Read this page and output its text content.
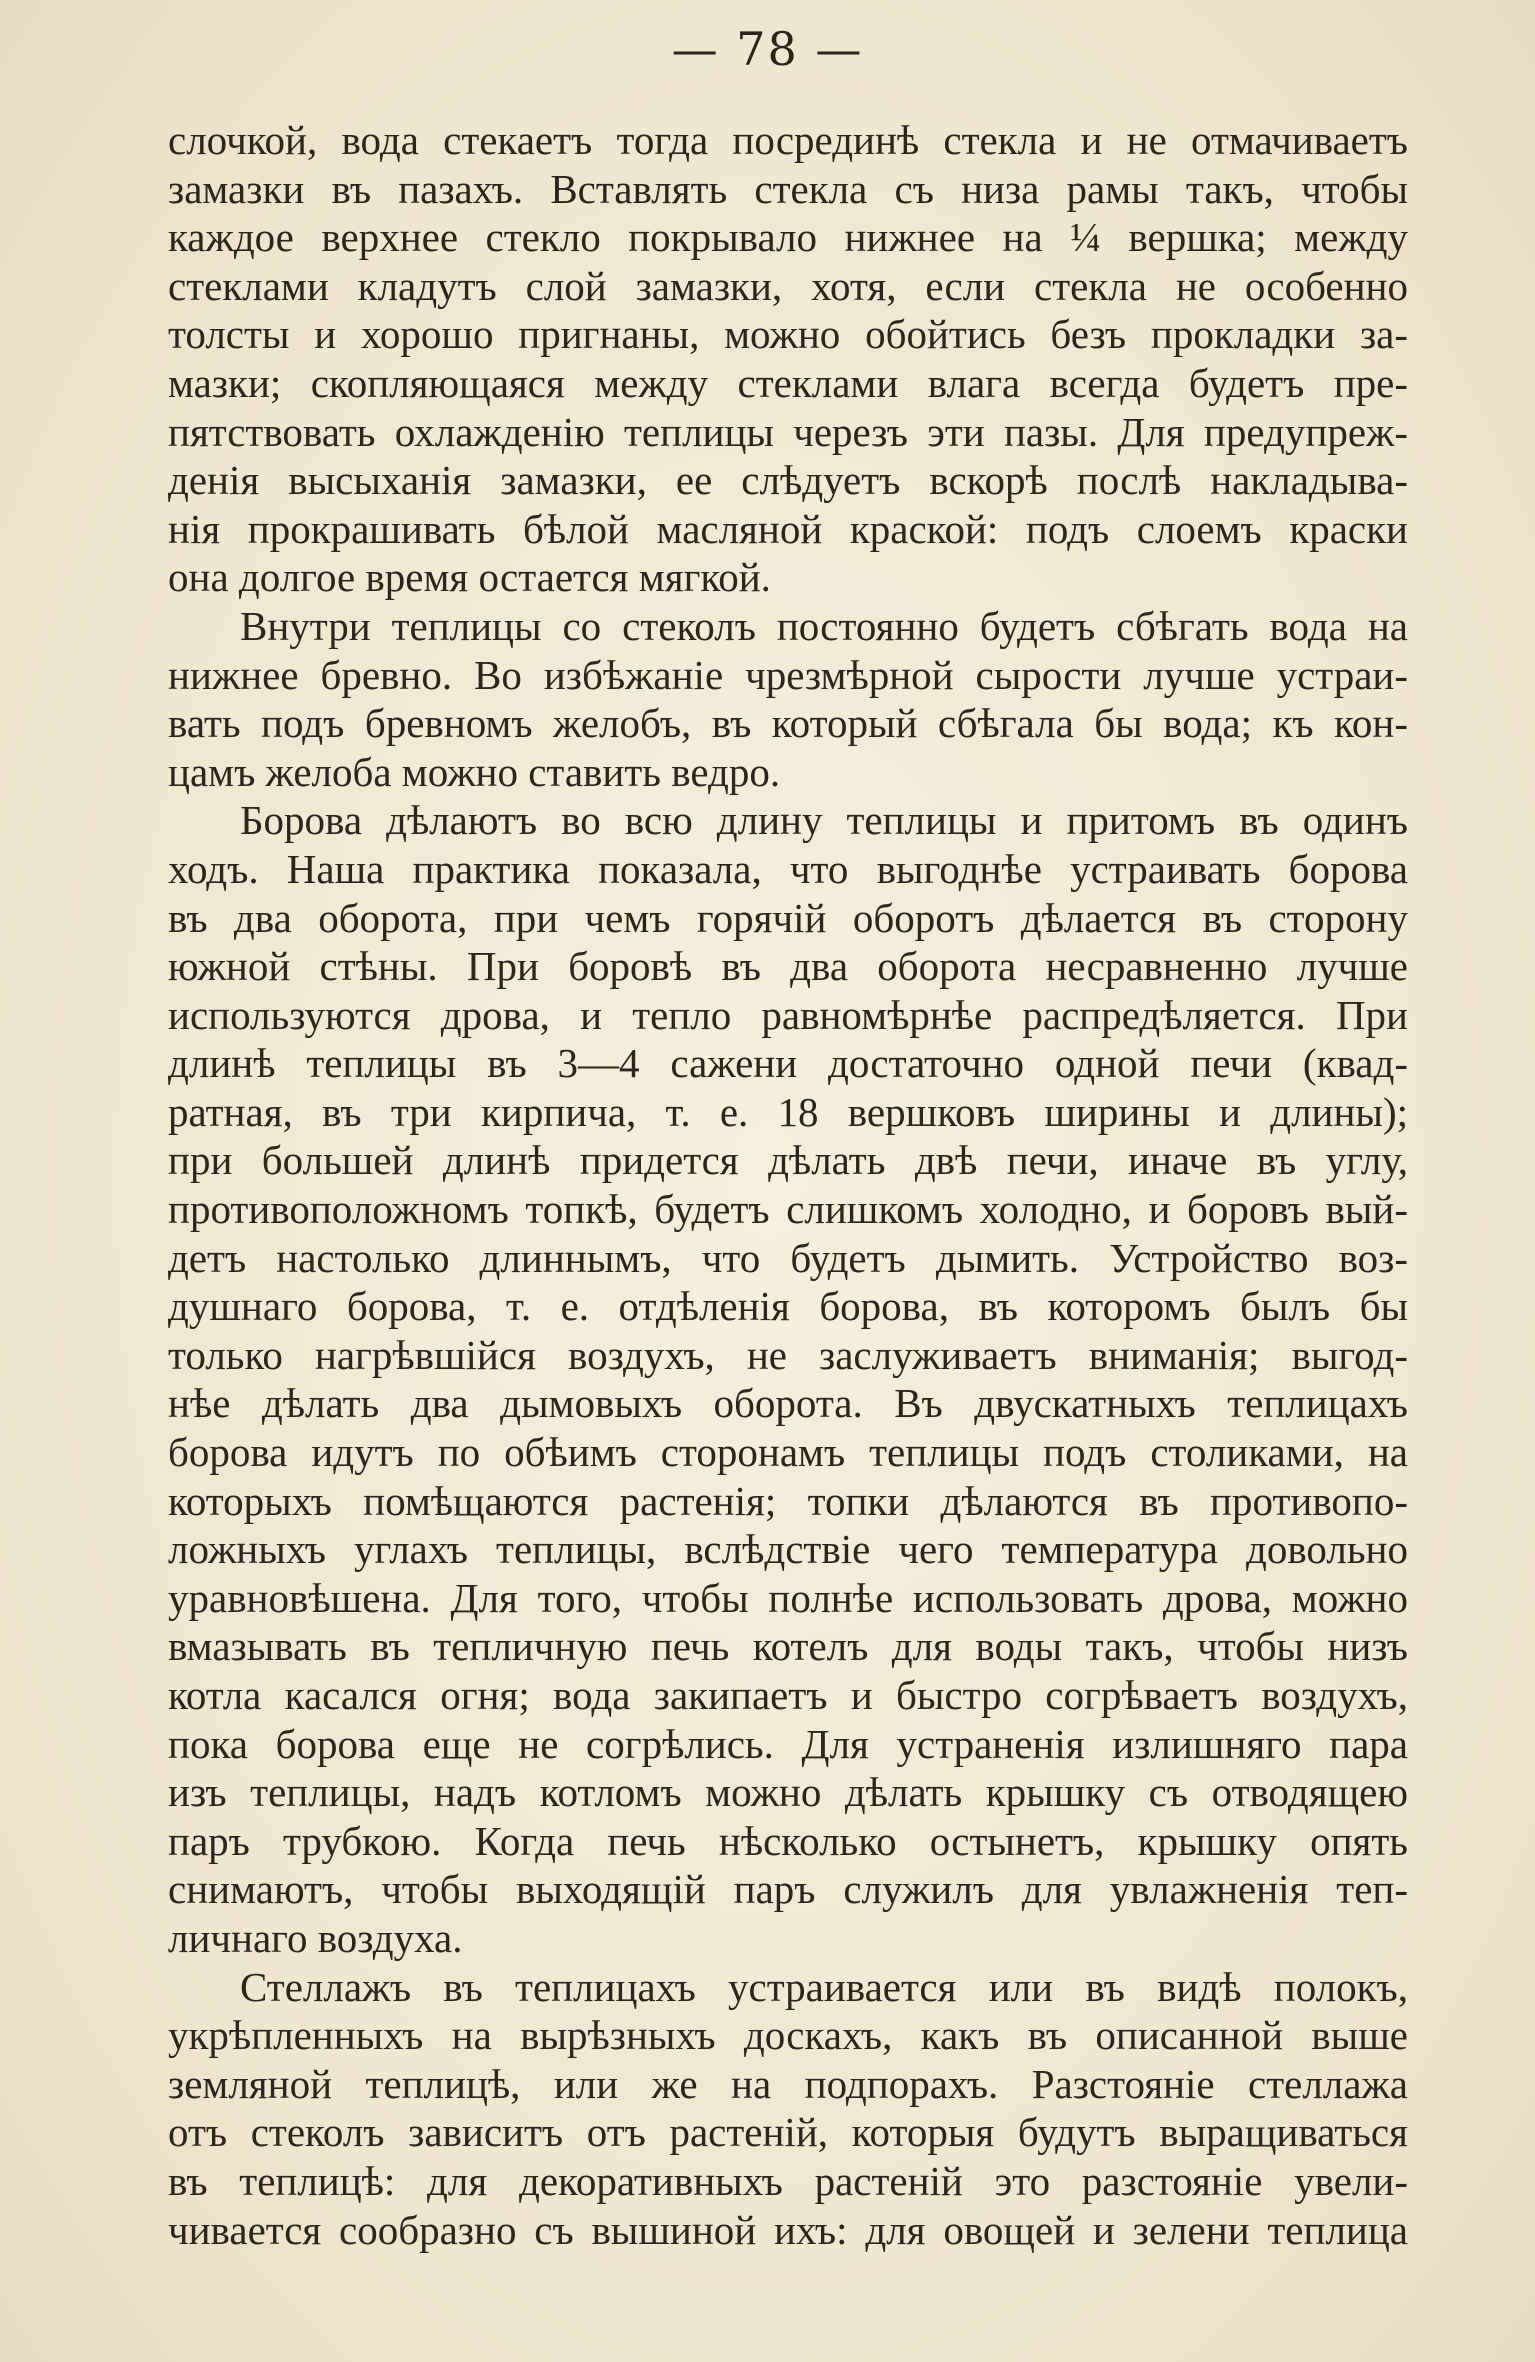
— 78 —
слочкой, вода стекаетъ тогда посрединѣ стекла и не отмачиваетъ
замазки въ пазахъ. Вставлять стекла съ низа рамы такъ, чтобы
каждое верхнее стекло покрывало нижнее на ¼ вершка; между
стеклами кладутъ слой замазки, хотя, если стекла не особенно
толсты и хорошо пригнаны, можно обойтись безъ прокладки за-
мазки; скопляющаяся между стеклами влага всегда будетъ пре-
пятствовать охлажденію теплицы черезъ эти пазы. Для предупреж-
денія высыханія замазки, ее слѣдуетъ вскорѣ послѣ накладыва-
нія прокрашивать бѣлой масляной краской: подъ слоемъ краски
она долгое время остается мягкой.
Внутри теплицы со стеколъ постоянно будетъ сбѣгать вода на
нижнее бревно. Во избѣжаніе чрезмѣрной сырости лучше устраи-
вать подъ бревномъ желобъ, въ который сбѣгала бы вода; къ кон-
цамъ желоба можно ставить ведро.
Борова дѣлаютъ во всю длину теплицы и притомъ въ одинъ
ходъ. Наша практика показала, что выгоднѣе устраивать борова
въ два оборота, при чемъ горячій оборотъ дѣлается въ сторону
южной стѣны. При боровѣ въ два оборота несравненно лучше
используются дрова, и тепло равномѣрнѣе распредѣляется. При
длинѣ теплицы въ 3—4 сажени достаточно одной печи (квад-
ратная, въ три кирпича, т. е. 18 вершковъ ширины и длины);
при большей длинѣ придется дѣлать двѣ печи, иначе въ углу,
противоположномъ топкѣ, будетъ слишкомъ холодно, и боровъ вый-
детъ настолько длиннымъ, что будетъ дымить. Устройство воз-
душнаго борова, т. е. отдѣленія борова, въ которомъ былъ бы
только нагрѣвшійся воздухъ, не заслуживаетъ вниманія; выгод-
нѣе дѣлать два дымовыхъ оборота. Въ двускатныхъ теплицахъ
борова идутъ по обѣимъ сторонамъ теплицы подъ столиками, на
которыхъ помѣщаются растенія; топки дѣлаются въ противопо-
ложныхъ углахъ теплицы, вслѣдствіе чего температура довольно
уравновѣшена. Для того, чтобы полнѣе использовать дрова, можно
вмазывать въ тепличную печь котелъ для воды такъ, чтобы низъ
котла касался огня; вода закипаетъ и быстро согрѣваетъ воздухъ,
пока борова еще не согрѣлись. Для устраненія излишняго пара
изъ теплицы, надъ котломъ можно дѣлать крышку съ отводящею
паръ трубкою. Когда печь нѣсколько остынетъ, крышку опять
снимаютъ, чтобы выходящій паръ служилъ для увлажненія теп-
личнаго воздуха.
Стеллажъ въ теплицахъ устраивается или въ видѣ полокъ,
укрѣпленныхъ на вырѣзныхъ доскахъ, какъ въ описанной выше
земляной теплицѣ, или же на подпорахъ. Разстояніе стеллажа
отъ стеколъ зависитъ отъ растеній, которыя будутъ выращиваться
въ теплицѣ: для декоративныхъ растеній это разстояніе увели-
чивается сообразно съ вышиной ихъ: для овощей и зелени теплица
